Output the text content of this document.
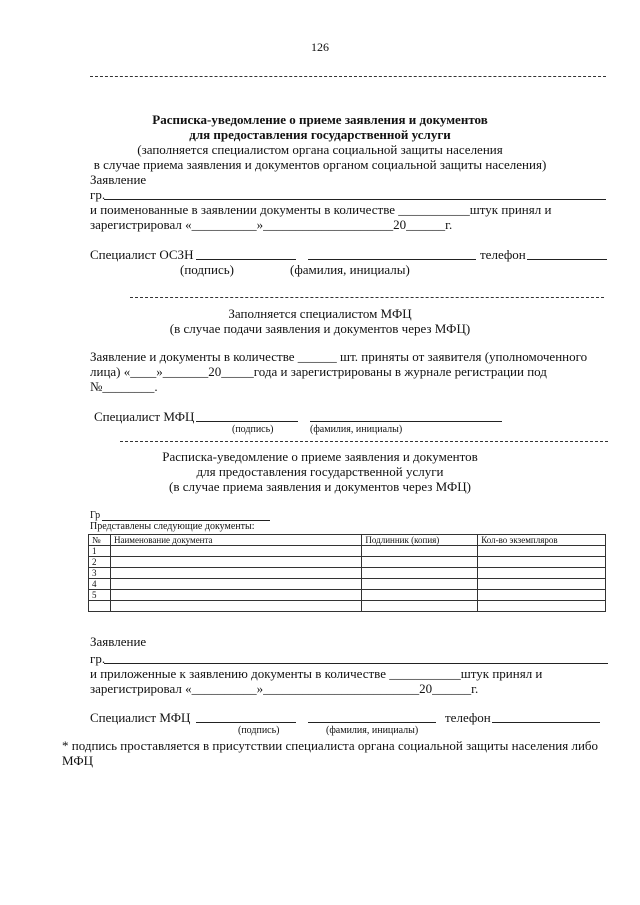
126
Расписка-уведомление о приеме заявления и документов
для предоставления государственной услуги
(заполняется специалистом органа социальной защиты населения
в случае приема заявления и документов органом социальной защиты населения)
Заявление
гр.
и поименованные в заявлении документы в количестве ___________штук принял и
зарегистрировал «__________»____________________20______г.
Специалист ОСЗН	телефон
(подпись)	(фамилия, инициалы)
Заполняется специалистом МФЦ
(в случае подачи заявления и документов через МФЦ)
Заявление и документы в количестве ______ шт. приняты от заявителя (уполномоченного
лица) «____»_______20_____года и зарегистрированы в журнале регистрации под
№________.
Специалист МФЦ
(подпись)	(фамилия, инициалы)
Расписка-уведомление о приеме заявления и документов
для предоставления государственной услуги
(в случае приема заявления и документов через МФЦ)
Гр
Представлены следующие документы:
№	Наименование документа	Подлинник (копия)	Кол-во экземпляров
1			
2			
3			
4			
5			

Заявление
гр.
и приложенные к заявлению документы в количестве ___________штук принял и
зарегистрировал «__________»________________________20______г.
Специалист МФЦ	телефон
(подпись)	(фамилия, инициалы)
* подпись проставляется в присутствии специалиста органа социальной защиты населения либо
МФЦ
